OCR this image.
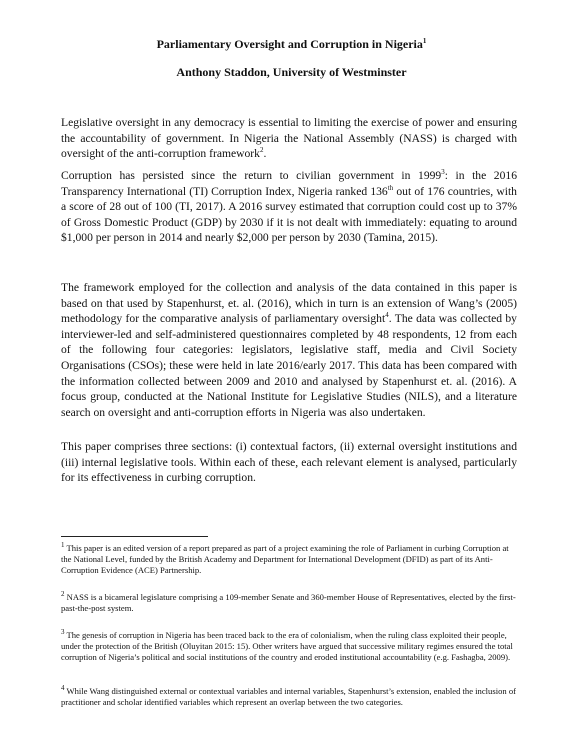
Parliamentary Oversight and Corruption in Nigeria$^1$
Anthony Staddon, University of Westminster

Legislative oversight in any democracy is essential to limiting the exercise of power and ensuring the accountability of government. In Nigeria the National Assembly (NASS) is charged with oversight of the anti-corruption framework$^2$.

Corruption has persisted since the return to civilian government in 1999$^3$: in the 2016 Transparency International (TI) Corruption Index, Nigeria ranked 136th out of 176 countries, with a score of 28 out of 100 (TI, 2017). A 2016 survey estimated that corruption could cost up to 37% of Gross Domestic Product (GDP) by 2030 if it is not dealt with immediately: equating to around $1,000 per person in 2014 and nearly $2,000 per person by 2030 (Tamina, 2015).

The framework employed for the collection and analysis of the data contained in this paper is based on that used by Stapenhurst, et. al. (2016), which in turn is an extension of Wang’s (2005) methodology for the comparative analysis of parliamentary oversight$^4$. The data was collected by interviewer-led and self-administered questionnaires completed by 48 respondents, 12 from each of the following four categories: legislators, legislative staff, media and Civil Society Organisations (CSOs); these were held in late 2016/early 2017. This data has been compared with the information collected between 2009 and 2010 and analysed by Stapenhurst et. al. (2016). A focus group, conducted at the National Institute for Legislative Studies (NILS), and a literature search on oversight and anti-corruption efforts in Nigeria was also undertaken.

This paper comprises three sections: (i) contextual factors, (ii) external oversight institutions and (iii) internal legislative tools. Within each of these, each relevant element is analysed, particularly for its effectiveness in curbing corruption.

$^1$ This paper is an edited version of a report prepared as part of a project examining the role of Parliament in curbing Corruption at the National Level, funded by the British Academy and Department for International Development (DFID) as part of its Anti-Corruption Evidence (ACE) Partnership.

$^2$ NASS is a bicameral legislature comprising a 109-member Senate and 360-member House of Representatives, elected by the first-past-the-post system.

$^3$ The genesis of corruption in Nigeria has been traced back to the era of colonialism, when the ruling class exploited their people, under the protection of the British (Oluyitan 2015: 15). Other writers have argued that successive military regimes ensured the total corruption of Nigeria’s political and social institutions of the country and eroded institutional accountability (e.g. Fashagba, 2009).

$^4$ While Wang distinguished external or contextual variables and internal variables, Stapenhurst’s extension, enabled the inclusion of practitioner and scholar identified variables which represent an overlap between the two categories.
